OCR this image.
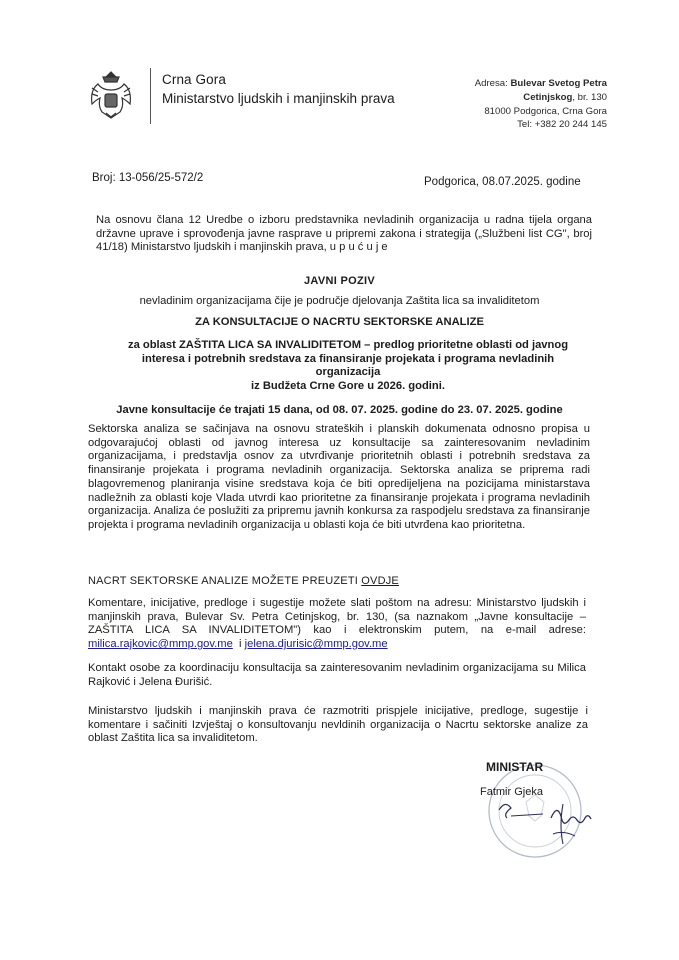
Crna Gora
Ministarstvo ljudskih i manjinskih prava
Adresa: Bulevar Svetog Petra
Cetinjskog, br. 130
81000 Podgorica, Crna Gora
Tel: +382 20 244 145
Broj: 13-056/25-572/2	Podgorica, 08.07.2025. godine

Na osnovu člana 12 Uredbe o izboru predstavnika nevladinih organizacija u radna tijela organa državne uprave i sprovođenja javne rasprave u pripremi zakona i strategija („Službeni list CG", broj 41/18) Ministarstvo ljudskih i manjinskih prava, u p u ć u j e

JAVNI POZIV
nevladinim organizacijama čije je područje djelovanja Zaštita lica sa invaliditetom
ZA KONSULTACIJE O NACRTU SEKTORSKE ANALIZE
za oblast ZAŠTITA LICA SA INVALIDITETOM – predlog prioritetne oblasti od javnog
interesa i potrebnih sredstava za finansiranje projekata i programa nevladinih
organizacija
iz Budžeta Crne Gore u 2026. godini.
Javne konsultacije će trajati 15 dana, od 08. 07. 2025. godine do 23. 07. 2025. godine

Sektorska analiza se sačinjava na osnovu strateških i planskih dokumenata odnosno propisa u odgovarajućoj oblasti od javnog interesa uz konsultacije sa zainteresovanim nevladinim organizacijama, i predstavlja osnov za utvrđivanje prioritetnih oblasti i potrebnih sredstava za finansiranje projekata i programa nevladinih organizacija. Sektorska analiza se priprema radi blagovremenog planiranja visine sredstava koja će biti opredijeljena na pozicijama ministarstava nadležnih za oblasti koje Vlada utvrdi kao prioritetne za finansiranje projekata i programa nevladinih organizacija. Analiza će poslužiti za pripremu javnih konkursa za raspodjelu sredstava za finansiranje projekta i programa nevladinih organizacija u oblasti koja će biti utvrđena kao prioritetna.

NACRT SEKTORSKE ANALIZE MOŽETE PREUZETI OVDJE

Komentare, inicijative, predloge i sugestije možete slati poštom na adresu: Ministarstvo ljudskih i manjinskih prava, Bulevar Sv. Petra Cetinjskog, br. 130, (sa naznakom „Javne konsultacije – ZAŠTITA LICA SA INVALIDITETOM") kao i elektronskim putem, na e-mail adrese: milica.rajkovic@mmp.gov.me  i jelena.djurisic@mmp.gov.me

Kontakt osobe za koordinaciju konsultacija sa zainteresovanim nevladinim organizacijama su Milica Rajković i Jelena Đurišić.

Ministarstvo ljudskih i manjinskih prava će razmotriti prispjele inicijative, predloge, sugestije i komentare i sačiniti Izvještaj o konsultovanju nevldinih organizacija o Nacrtu sektorske analize za oblast Zaštita lica sa invaliditetom.

MINISTAR
Fatmir Gjeka
